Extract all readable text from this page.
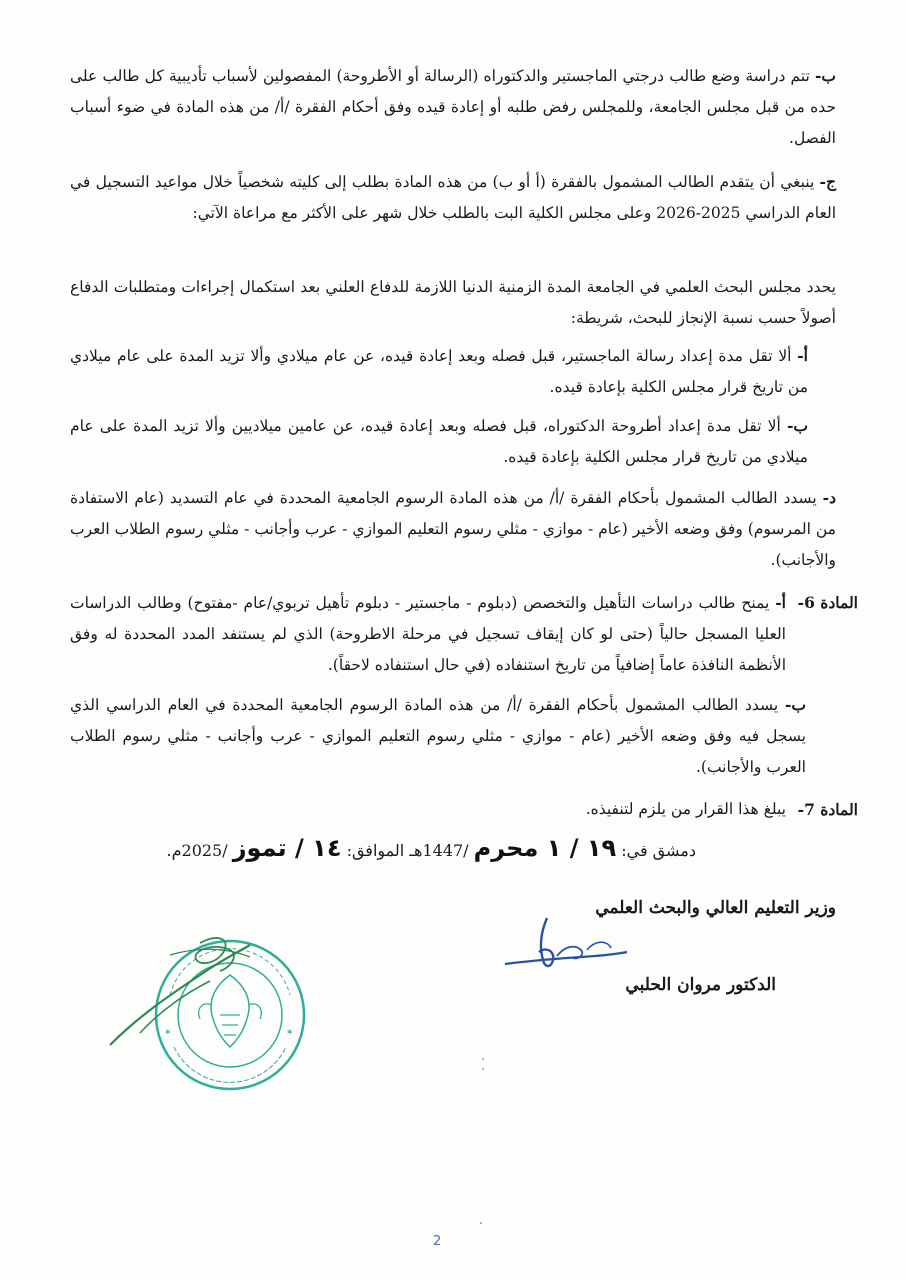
ب- تتم دراسة وضع طالب درجتي الماجستير والدكتوراه (الرسالة أو الأطروحة) المفصولين لأسباب تأديبية كل طالب على حده من قبل مجلس الجامعة، وللمجلس رفض طلبه أو إعادة قيده وفق أحكام الفقرة /أ/ من هذه المادة في ضوء أسباب الفصل.

ج- ينبغي أن يتقدم الطالب المشمول بالفقرة (أ أو ب) من هذه المادة بطلب إلى كليته شخصياً خلال مواعيد التسجيل في العام الدراسي 2025-2026 وعلى مجلس الكلية البت بالطلب خلال شهر على الأكثر مع مراعاة الآتي:

يحدد مجلس البحث العلمي في الجامعة المدة الزمنية الدنيا اللازمة للدفاع العلني بعد استكمال إجراءات ومتطلبات الدفاع أصولاً حسب نسبة الإنجاز للبحث، شريطة:

أ- ألا تقل مدة إعداد رسالة الماجستير، قبل فصله وبعد إعادة قيده، عن عام ميلادي وألا تزيد المدة على عام ميلادي من تاريخ قرار مجلس الكلية بإعادة قيده.

ب- ألا تقل مدة إعداد أطروحة الدكتوراه، قبل فصله وبعد إعادة قيده، عن عامين ميلاديين وألا تزيد المدة على عام ميلادي من تاريخ قرار مجلس الكلية بإعادة قيده.

د- يسدد الطالب المشمول بأحكام الفقرة /أ/ من هذه المادة الرسوم الجامعية المحددة في عام التسديد (عام الاستفادة من المرسوم) وفق وضعه الأخير (عام - موازي - مثلي رسوم التعليم الموازي - عرب وأجانب - مثلي رسوم الطلاب العرب والأجانب).

المادة 6-
أ- يمنح طالب دراسات التأهيل والتخصص (دبلوم - ماجستير - دبلوم تأهيل تربوي/عام -مفتوح) وطالب الدراسات العليا المسجل حالياً (حتى لو كان إيقاف تسجيل في مرحلة الاطروحة) الذي لم يستنفد المدد المحددة له وفق الأنظمة النافذة عاماً إضافياً من تاريخ استنفاده (في حال استنفاده لاحقاً).
ب- يسدد الطالب المشمول بأحكام الفقرة /أ/ من هذه المادة الرسوم الجامعية المحددة في العام الدراسي الذي يسجل فيه وفق وضعه الأخير (عام - موازي - مثلي رسوم التعليم الموازي - عرب وأجانب - مثلي رسوم الطلاب العرب والأجانب).
المادة 7-
يبلغ هذا القرار من يلزم لتنفيذه.
دمشق في: ١٩ / ١ محرم /1447هـ الموافق: ١٤ / تموز /2025م.
وزير التعليم العالي والبحث العلمي
✶	✶
الدكتور مروان الحلبي
2
